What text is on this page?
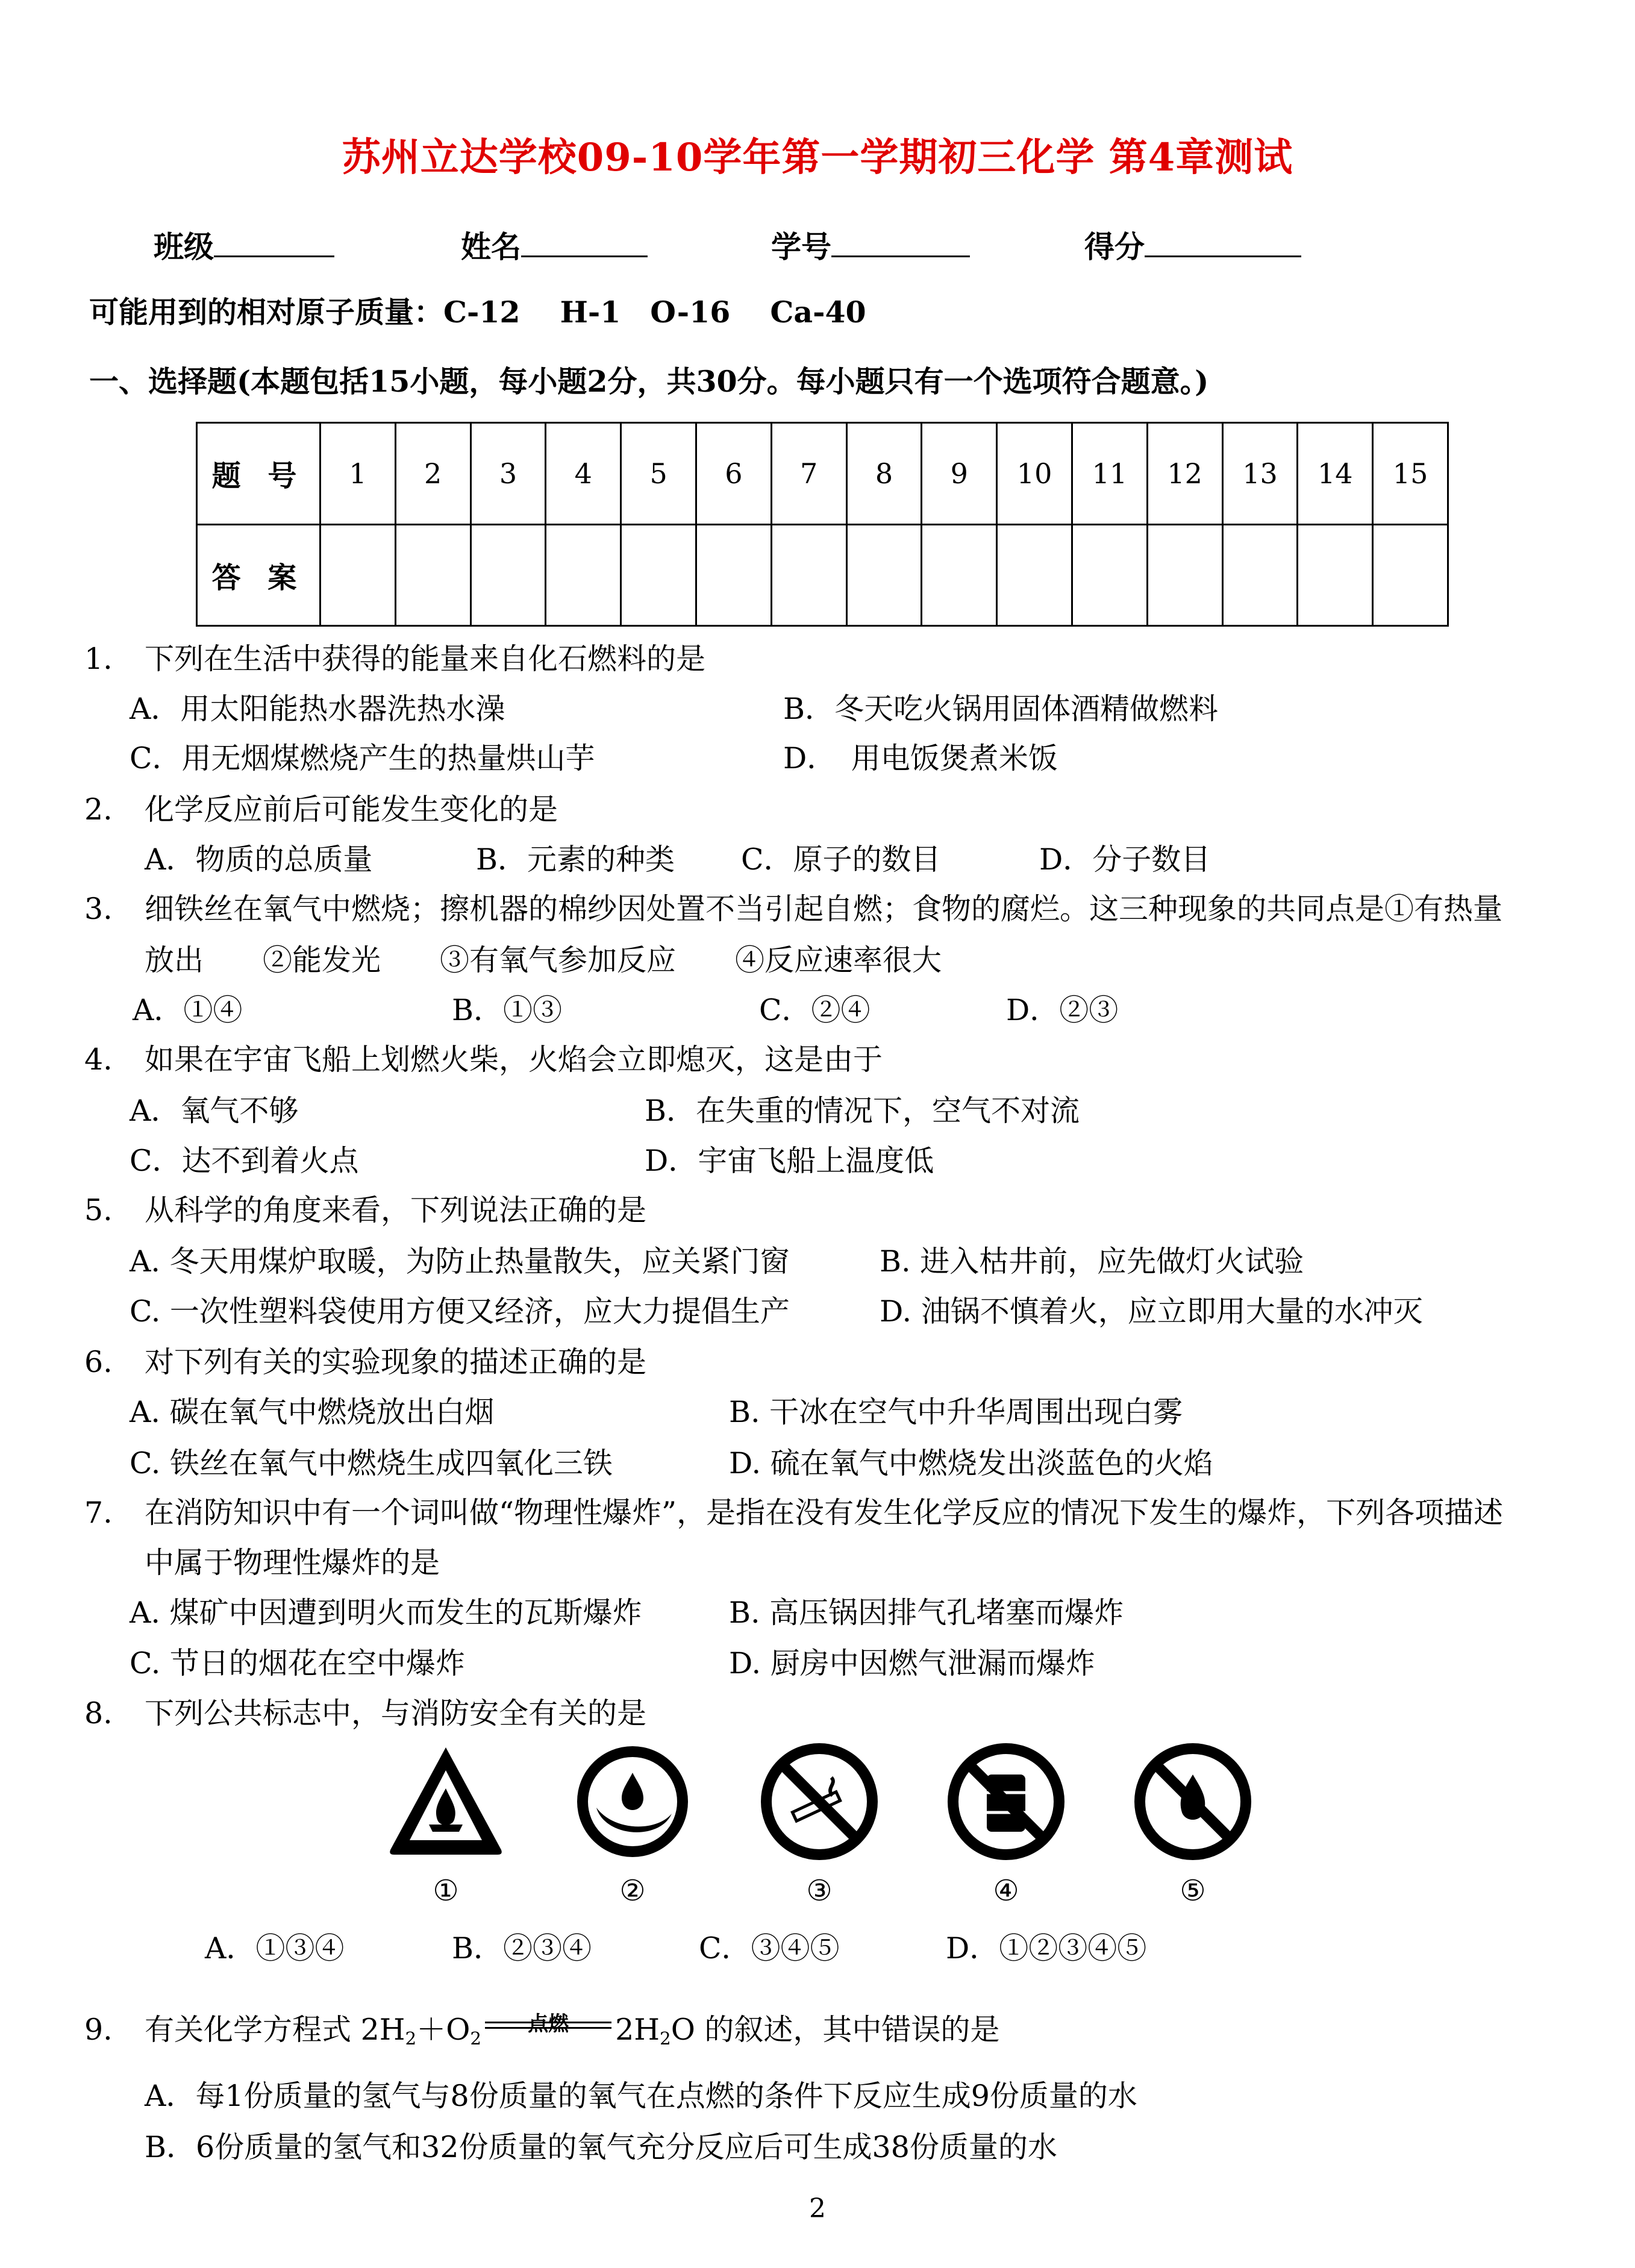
苏州立达学校09-10学年第一学期初三化学 第4章测试
班级	姓名	学号	得分
可能用到的相对原子质量：C-12　 H-1　O-16　 Ca-40
一、选择题(本题包括15小题，每小题2分，共30分。每小题只有一个选项符合题意。)
题 号	1	2	3	4	5	6	7	8	9	10	11	12	13	14	15
答 案															
1. 下列在生活中获得的能量来自化石燃料的是
A．用太阳能热水器洗热水澡	B．冬天吃火锅用固体酒精做燃料
C．用无烟煤燃烧产生的热量烘山芋	D．　用电饭煲煮米饭
2. 化学反应前后可能发生变化的是
A．物质的总质量	B．元素的种类 C．原子的数目	D．分子数目
3. 细铁丝在氧气中燃烧；擦机器的棉纱因处置不当引起自燃；食物的腐烂。这三种现象的共同点是①有热量
放出　　②能发光　　③有氧气参加反应　　④反应速率很大
A．①④	B．①③	C．②④	D．②③
4. 如果在宇宙飞船上划燃火柴，火焰会立即熄灭，这是由于
A．氧气不够	B．在失重的情况下，空气不对流
C．达不到着火点	D．宇宙飞船上温度低
5. 从科学的角度来看，下列说法正确的是
A. 冬天用煤炉取暖，为防止热量散失，应关紧门窗	B. 进入枯井前，应先做灯火试验
C. 一次性塑料袋使用方便又经济，应大力提倡生产	D. 油锅不慎着火，应立即用大量的水冲灭
6. 对下列有关的实验现象的描述正确的是
A. 碳在氧气中燃烧放出白烟	B. 干冰在空气中升华周围出现白雾
C. 铁丝在氧气中燃烧生成四氧化三铁	D. 硫在氧气中燃烧发出淡蓝色的火焰
7. 在消防知识中有一个词叫做“物理性爆炸”，是指在没有发生化学反应的情况下发生的爆炸，下列各项描述
中属于物理性爆炸的是
A. 煤矿中因遭到明火而发生的瓦斯爆炸	B. 高压锅因排气孔堵塞而爆炸
C. 节日的烟花在空中爆炸	D. 厨房中因燃气泄漏而爆炸
8. 下列公共标志中，与消防安全有关的是
①	②	③	④	⑤
A．①③④	B．②③④	C．③④⑤	D．①②③④⑤
9. 有关化学方程式 $2H_2+O_2$
点燃	$2H_2O$ 的叙述，其中错误的是
A．每1份质量的氢气与8份质量的氧气在点燃的条件下反应生成9份质量的水
B．6份质量的氢气和32份质量的氧气充分反应后可生成38份质量的水
2
